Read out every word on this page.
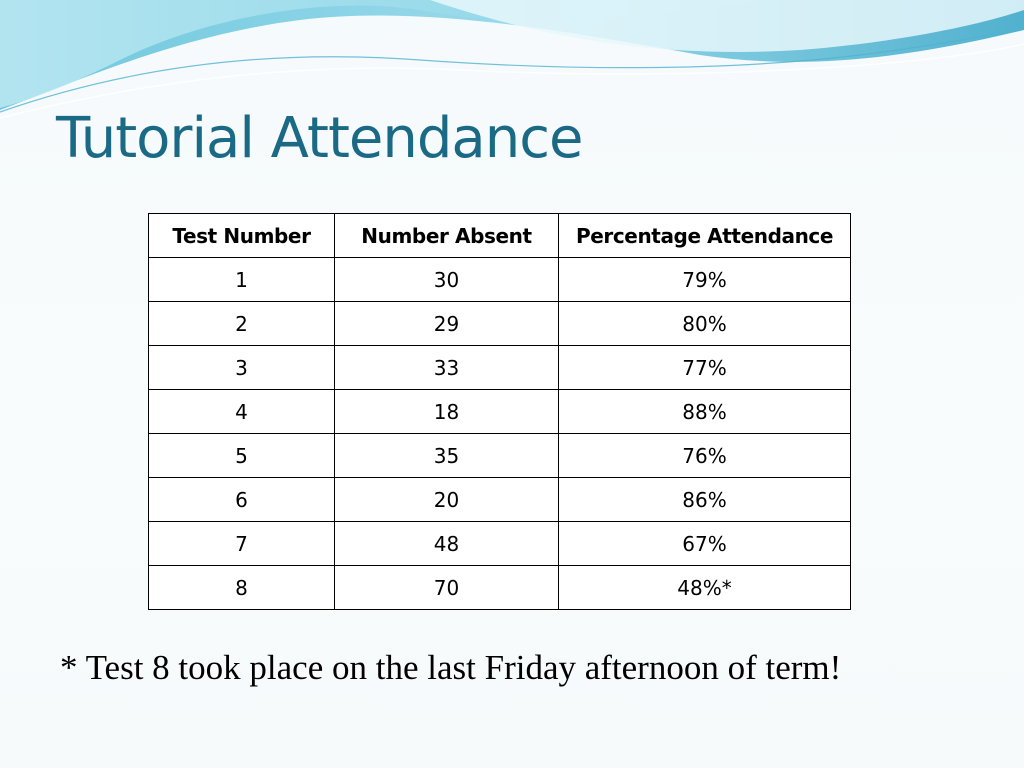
Tutorial Attendance
Test Number	Number Absent	Percentage Attendance
1	30	79%
2	29	80%
3	33	77%
4	18	88%
5	35	76%
6	20	86%
7	48	67%
8	70	48%*

* Test 8 took place on the last Friday afternoon of term!
